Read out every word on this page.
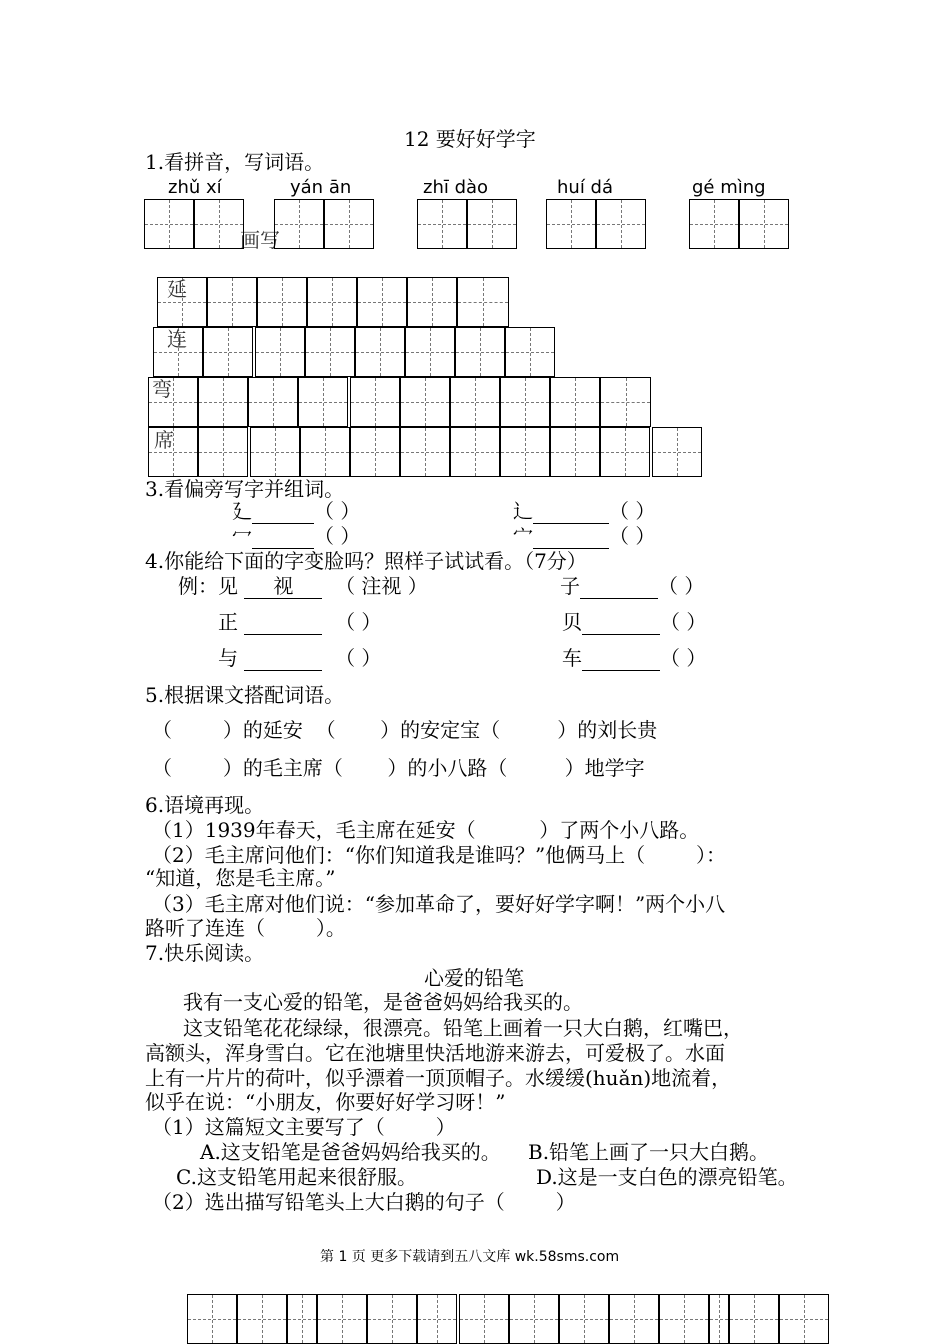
12 要好好学字
1.看拼音，写词语。
zhǔ xí	yán ān	zhī dào	huí dá	gé mìng
画写
延
连
弯
席
3.看偏旁写字并组词。
廴	（ ）	辶	（ ）
冖	（ ）	宀	（ ）
4.你能给下面的字变脸吗？照样子试试看。（7分）
例：见 视 （ 注视 ）	子	（ ）
正	（ ）	贝	（ ）
与	（ ）	车	（ ）
5.根据课文搭配词语。
（        ）的延安  （       ）的安定宝（         ）的刘长贵
（        ）的毛主席（       ）的小八路（         ）地学字
6.语境再现。
（1）1939年春天，毛主席在延安（          ）了两个小八路。
（2）毛主席问他们：“你们知道我是谁吗？”他俩马上（        ）：
“知道，您是毛主席。”
（3）毛主席对他们说：“参加革命了，要好好学字啊！”两个小八
路听了连连（        ）。
7.快乐阅读。
心爱的铅笔
我有一支心爱的铅笔，是爸爸妈妈给我买的。
这支铅笔花花绿绿，很漂亮。铅笔上画着一只大白鹅，红嘴巴，
高额头，浑身雪白。它在池塘里快活地游来游去，可爱极了。水面
上有一片片的荷叶，似乎漂着一顶顶帽子。水缓缓(huǎn)地流着，
似乎在说：“小朋友，你要好好学习呀！”
（1）这篇短文主要写了（        ）
A.这支铅笔是爸爸妈妈给我买的。 B.铅笔上画了一只大白鹅。
C.这支铅笔用起来很舒服。	D.这是一支白色的漂亮铅笔。
（2）选出描写铅笔头上大白鹅的句子（        ）
第 1 页 更多下载请到五八文库 wk.58sms.com
